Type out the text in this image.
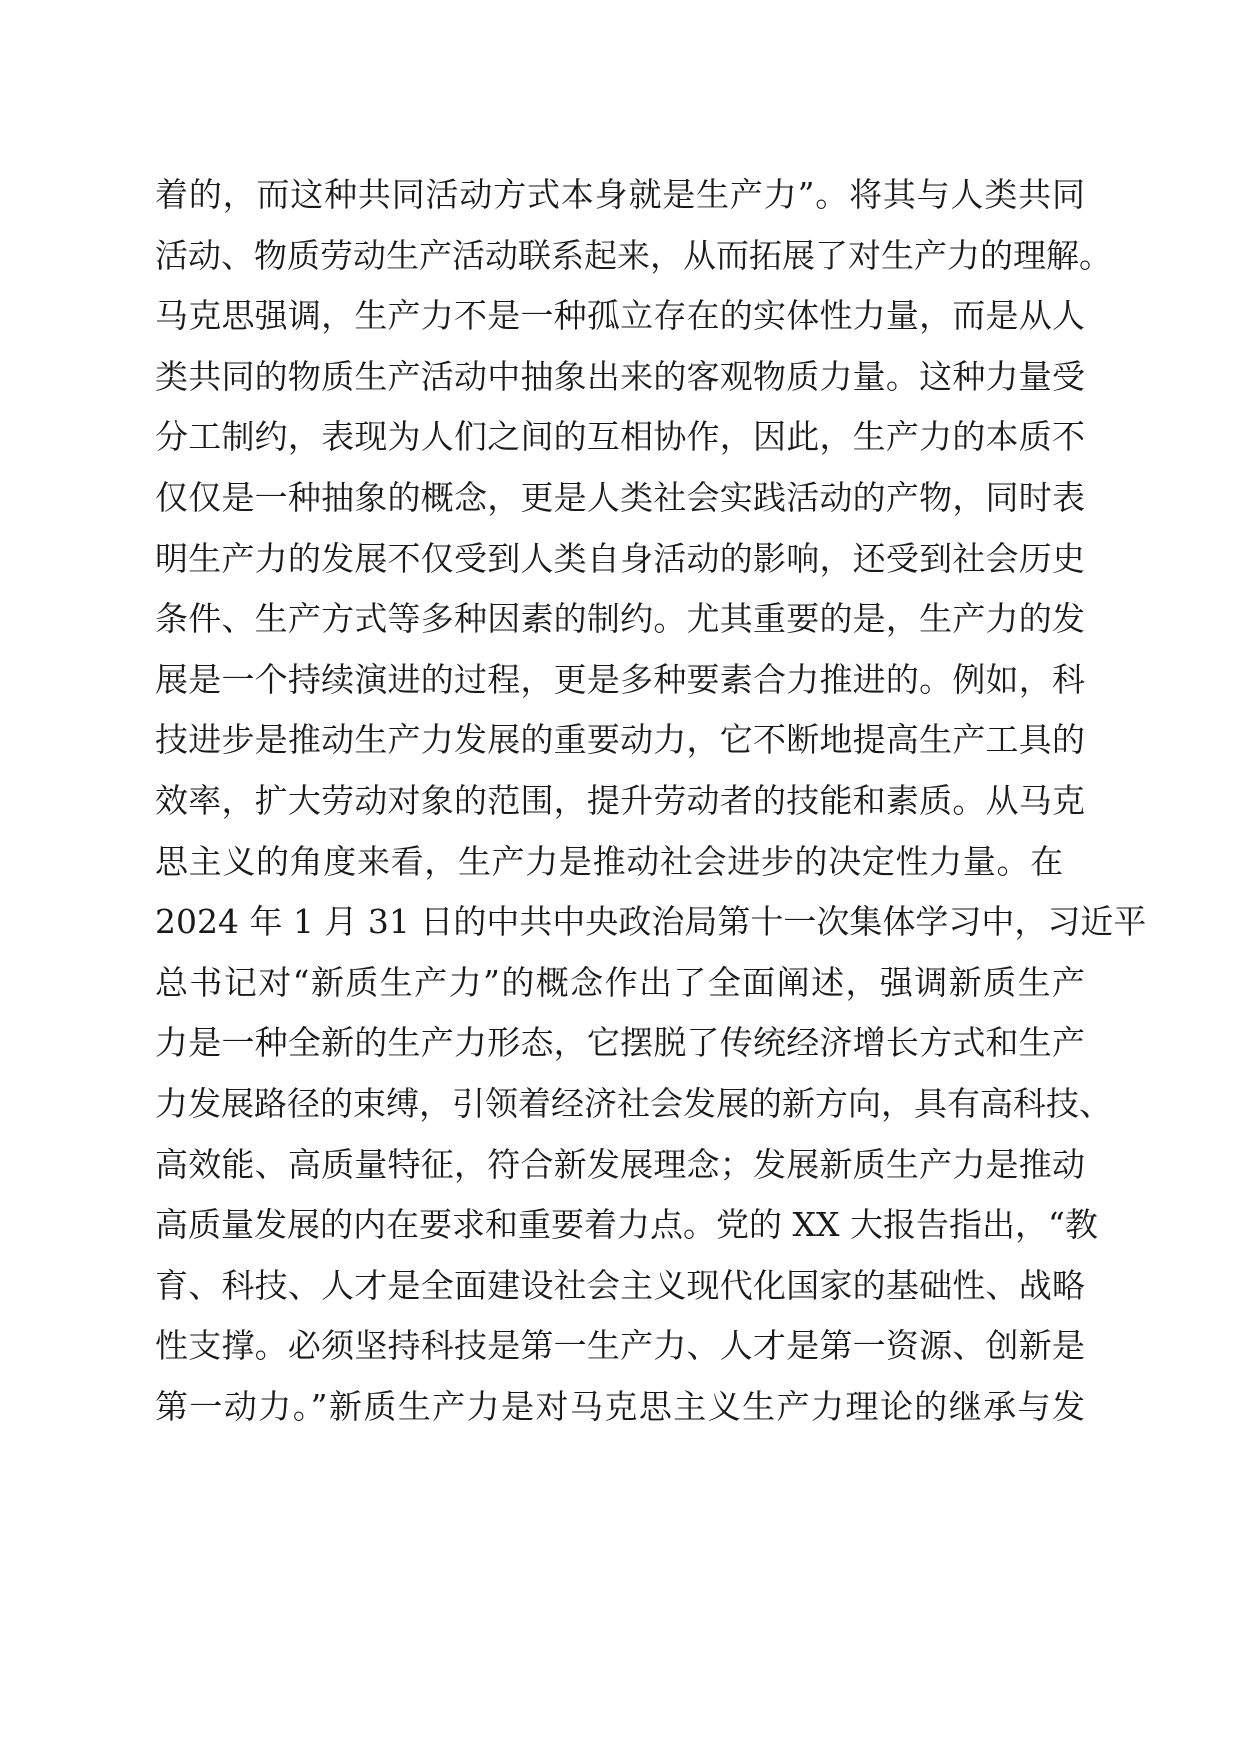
着的，而这种共同活动方式本身就是生产力”。将其与人类共同
活动、物质劳动生产活动联系起来，从而拓展了对生产力的理解。
马克思强调，生产力不是一种孤立存在的实体性力量，而是从人
类共同的物质生产活动中抽象出来的客观物质力量。这种力量受
分工制约，表现为人们之间的互相协作，因此，生产力的本质不
仅仅是一种抽象的概念，更是人类社会实践活动的产物，同时表
明生产力的发展不仅受到人类自身活动的影响，还受到社会历史
条件、生产方式等多种因素的制约。尤其重要的是，生产力的发
展是一个持续演进的过程，更是多种要素合力推进的。例如，科
技进步是推动生产力发展的重要动力，它不断地提高生产工具的
效率，扩大劳动对象的范围，提升劳动者的技能和素质。从马克
思主义的角度来看，生产力是推动社会进步的决定性力量。在
2024 年 1 月 31 日的中共中央政治局第十一次集体学习中，习近平
总书记对“新质生产力”的概念作出了全面阐述，强调新质生产
力是一种全新的生产力形态，它摆脱了传统经济增长方式和生产
力发展路径的束缚，引领着经济社会发展的新方向，具有高科技、
高效能、高质量特征，符合新发展理念；发展新质生产力是推动
高质量发展的内在要求和重要着力点。党的 XX 大报告指出，“教
育、科技、人才是全面建设社会主义现代化国家的基础性、战略
性支撑。必须坚持科技是第一生产力、人才是第一资源、创新是
第一动力。”新质生产力是对马克思主义生产力理论的继承与发
